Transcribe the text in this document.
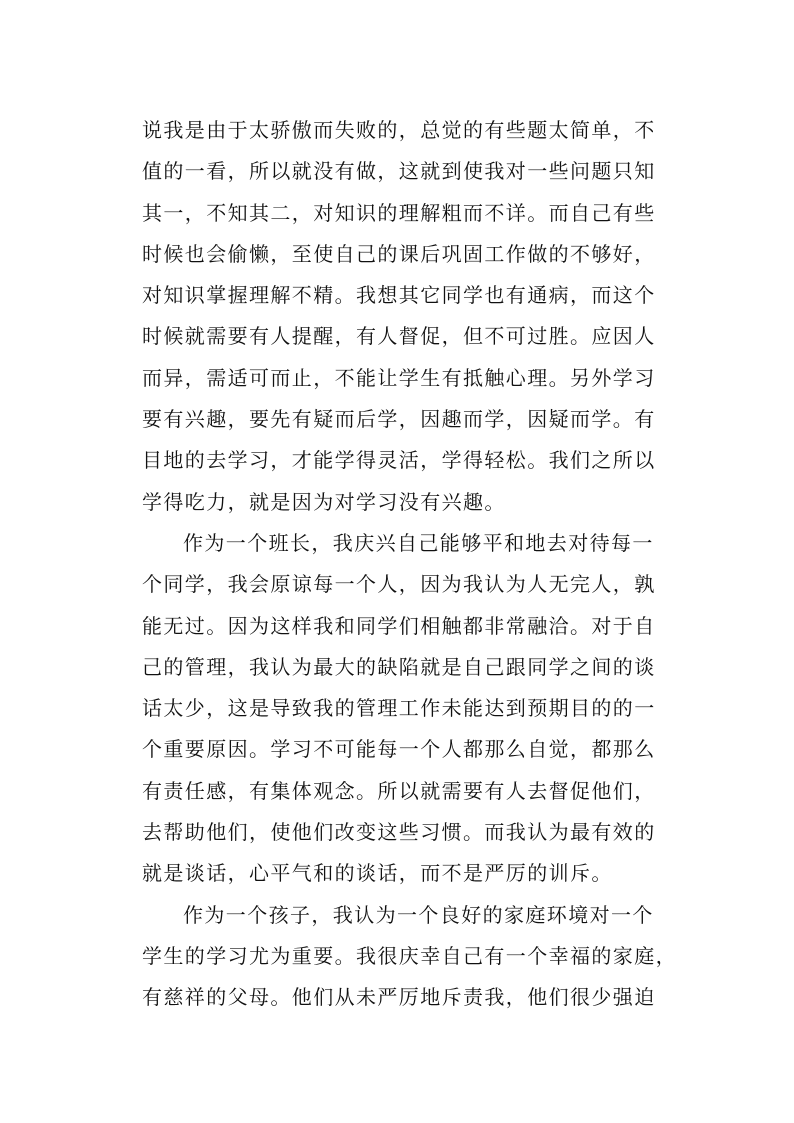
说我是由于太骄傲而失败的，总觉的有些题太简单，不
值的一看，所以就没有做，这就到使我对一些问题只知
其一，不知其二，对知识的理解粗而不详。而自己有些
时候也会偷懒，至使自己的课后巩固工作做的不够好，
对知识掌握理解不精。我想其它同学也有通病，而这个
时候就需要有人提醒，有人督促，但不可过胜。应因人
而异，需适可而止，不能让学生有抵触心理。另外学习
要有兴趣，要先有疑而后学，因趣而学，因疑而学。有
目地的去学习，才能学得灵活，学得轻松。我们之所以
学得吃力，就是因为对学习没有兴趣。
作为一个班长，我庆兴自己能够平和地去对待每一
个同学，我会原谅每一个人，因为我认为人无完人，孰
能无过。因为这样我和同学们相触都非常融洽。对于自
己的管理，我认为最大的缺陷就是自己跟同学之间的谈
话太少，这是导致我的管理工作未能达到预期目的的一
个重要原因。学习不可能每一个人都那么自觉，都那么
有责任感，有集体观念。所以就需要有人去督促他们，
去帮助他们，使他们改变这些习惯。而我认为最有效的
就是谈话，心平气和的谈话，而不是严厉的训斥。
作为一个孩子，我认为一个良好的家庭环境对一个
学生的学习尤为重要。我很庆幸自己有一个幸福的家庭，
有慈祥的父母。他们从未严厉地斥责我，他们很少强迫
